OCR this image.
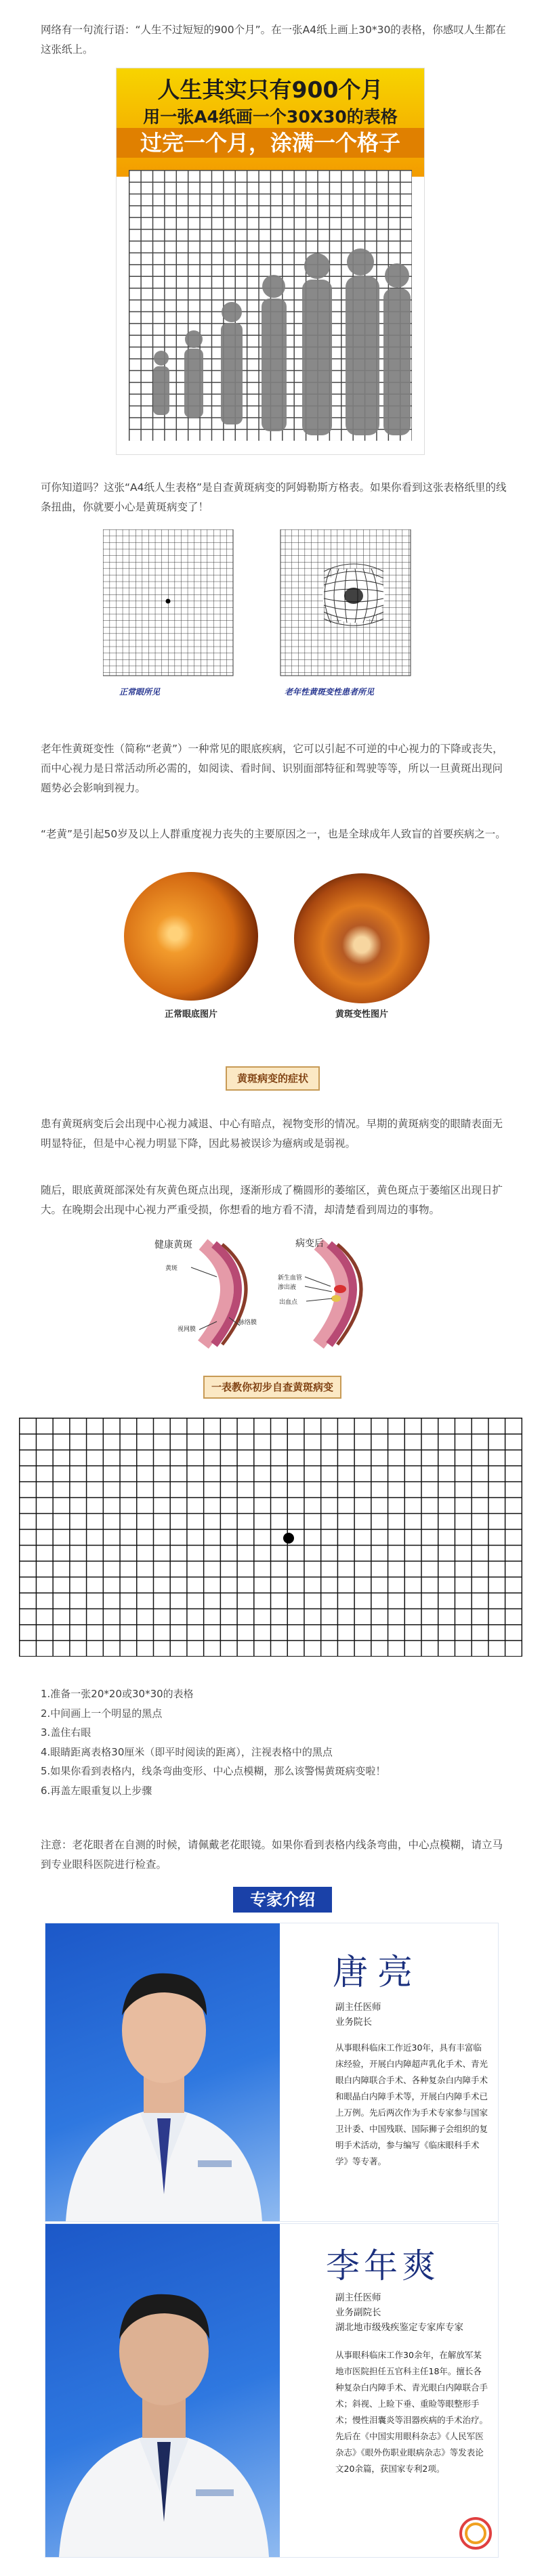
网络有一句流行语：“人生不过短短的900个月”。在一张A4纸上画上30*30的表格，你感叹人生都在这张纸上。

人生其实只有900个月
用一张A4纸画一个30X30的表格
过完一个月，涂满一个格子

可你知道吗？这张“A4纸人生表格”是自查黄斑病变的阿姆勒斯方格表。如果你看到这张表格纸里的线条扭曲，你就要小心是黄斑病变了！

正常眼所见	老年性黄斑变性患者所见

老年性黄斑变性（简称“老黄”）一种常见的眼底疾病，它可以引起不可逆的中心视力的下降或丧失，而中心视力是日常活动所必需的，如阅读、看时间、识别面部特征和驾驶等等，所以一旦黄斑出现问题势必会影响到视力。

“老黄”是引起50岁及以上人群重度视力丧失的主要原因之一，也是全球成年人致盲的首要疾病之一。

正常眼底图片	黄斑变性图片
黄斑病变的症状

患有黄斑病变后会出现中心视力减退、中心有暗点，视物变形的情况。早期的黄斑病变的眼睛表面无明显特征，但是中心视力明显下降，因此易被误诊为癔病或是弱视。

随后，眼底黄斑部深处有灰黄色斑点出现，逐渐形成了椭圆形的萎缩区，黄色斑点于萎缩区出现日扩大。在晚期会出现中心视力严重受损，你想看的地方看不清，却清楚看到周边的事物。

健康黄斑	病变后
黄斑
视网膜
脉络膜
新生血管
渗出液
出血点
一表教你初步自查黄斑病变
1.准备一张20*20或30*30的表格
2.中间画上一个明显的黑点
3.盖住右眼
4.眼睛距离表格30厘米（即平时阅读的距离），注视表格中的黑点
5.如果你看到表格内，线条弯曲变形、中心点模糊，那么该警惕黄斑病变啦！
6.再盖左眼重复以上步骤

注意：老花眼者在自测的时候，请佩戴老花眼镜。如果你看到表格内线条弯曲，中心点模糊，请立马到专业眼科医院进行检查。

专家介绍
唐亮
副主任医师
业务院长
从事眼科临床工作近30年，具有丰富临床经验，开展白内障超声乳化手术、青光眼白内障联合手术、各种复杂白内障手术和眼晶白内障手术等，开展白内障手术已上万例。先后两次作为手术专家参与国家卫计委、中国残联、国际狮子会组织的复明手术活动，参与编写《临床眼科手术学》等专著。
李年爽
副主任医师
业务副院长
湖北地市级残疾鉴定专家库专家
从事眼科临床工作30余年，在解放军某地市医院担任五官科主任18年。擅长各种复杂白内障手术、青光眼白内障联合手术；斜视、上睑下垂、重睑等眼整形手术；慢性泪囊炎等泪器疾病的手术治疗。先后在《中国实用眼科杂志》《人民军医杂志》《眼外伤职业眼病杂志》等发表论文20余篇，获国家专利2项。
